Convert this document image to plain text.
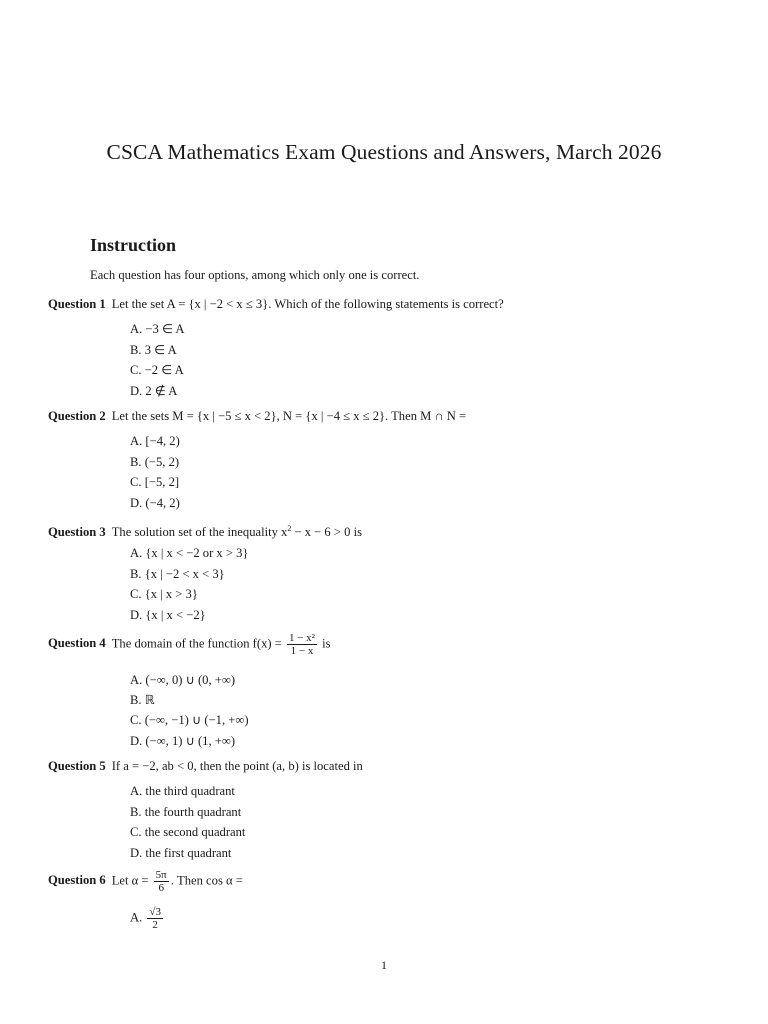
CSCA Mathematics Exam Questions and Answers, March 2026
Instruction
Each question has four options, among which only one is correct.
Question 1 Let the set A = {x | −2 < x ≤ 3}. Which of the following statements is correct?
A. −3 ∈ A
B. 3 ∈ A
C. −2 ∈ A
D. 2 ∉ A
Question 2 Let the sets M = {x | −5 ≤ x < 2}, N = {x | −4 ≤ x ≤ 2}. Then M ∩ N =
A. [−4, 2)
B. (−5, 2)
C. [−5, 2]
D. (−4, 2)
Question 3 The solution set of the inequality $x^2 - x - 6 > 0$ is
A. {x | x < −2 or x > 3}
B. {x | −2 < x < 3}
C. {x | x > 3}
D. {x | x < −2}
Question 4 The domain of the function $f(x) = \frac{\text{1 − x²}}{1 - x}$ is
A. (−∞, 0) ∪ (0, +∞)
B. ℝ
C. (−∞, −1) ∪ (−1, +∞)
D. (−∞, 1) ∪ (1, +∞)
Question 5 If a = −2, ab < 0, then the point (a, b) is located in
A. the third quadrant
B. the fourth quadrant
C. the second quadrant
D. the first quadrant
Question 6 Let $\alpha = \frac{5\pi}{6}$ . Then cos α =
A. $\frac{√3}{2}$
1
